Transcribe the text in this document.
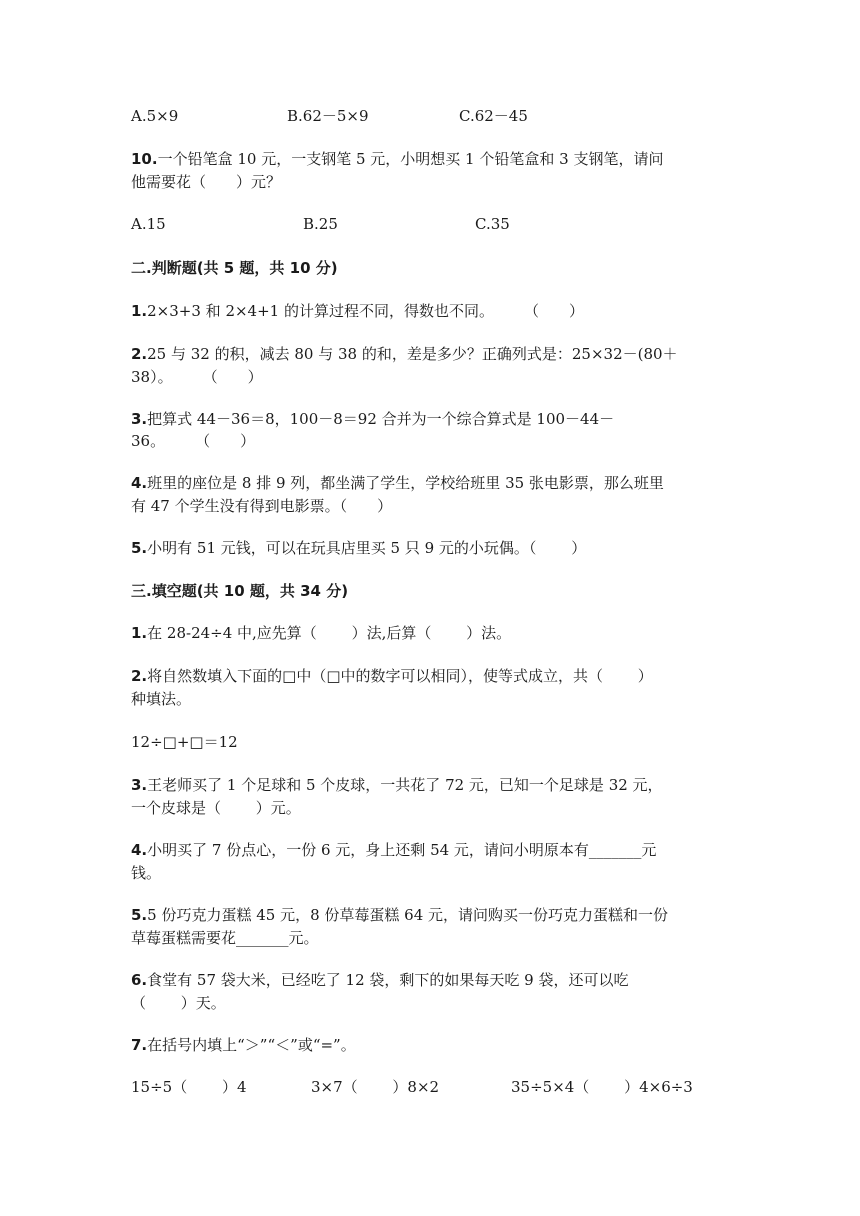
A.5×9	B.62－5×9	C.62－45
10.一个铅笔盒 10 元，一支钢笔 5 元，小明想买 1 个铅笔盒和 3 支钢笔，请问
他需要花（　　）元？
A.15	B.25	C.35
二.判断题(共 5 题，共 10 分)
1.2×3+3 和 2×4+1 的计算过程不同，得数也不同。　　　（　　）
2.25 与 32 的积，减去 80 与 38 的和，差是多少？正确列式是：25×32－(80＋
38）。　　　（　　）
3.把算式 44－36＝8，100－8＝92 合并为一个综合算式是 100－44－
36。　　　（　　）
4.班里的座位是 8 排 9 列，都坐满了学生，学校给班里 35 张电影票，那么班里
有 47 个学生没有得到电影票。（　　）
5.小明有 51 元钱，可以在玩具店里买 5 只 9 元的小玩偶。（　　 ）
三.填空题(共 10 题，共 34 分)
1.在 28-24÷4 中,应先算（　　 ）法,后算（　　 ）法。
2.将自然数填入下面的□中（□中的数字可以相同），使等式成立，共（　　 ）
种填法。
12÷□+□＝12
3.王老师买了 1 个足球和 5 个皮球，一共花了 72 元，已知一个足球是 32 元，
一个皮球是（　　 ）元。
4.小明买了 7 份点心，一份 6 元，身上还剩 54 元，请问小明原本有_______元
钱。
5.5 份巧克力蛋糕 45 元，8 份草莓蛋糕 64 元，请问购买一份巧克力蛋糕和一份
草莓蛋糕需要花_______元。
6.食堂有 57 袋大米，已经吃了 12 袋，剩下的如果每天吃 9 袋，还可以吃
（　　 ）天。
7.在括号内填上“＞”“＜”或“=”。
15÷5（　　 ）4	3×7（　　 ）8×2	35÷5×4（　　 ）4×6÷3
